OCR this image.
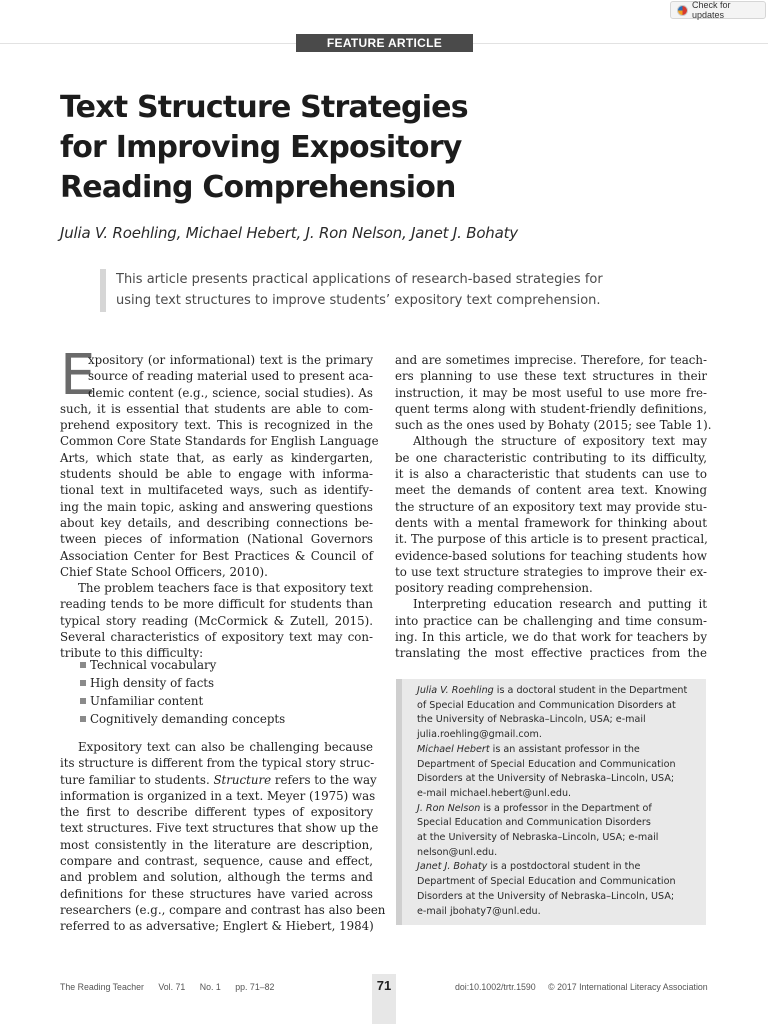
Check for updates
FEATURE ARTICLE
Text Structure Strategies
for Improving Expository
Reading Comprehension

Julia V. Roehling, Michael Hebert, J. Ron Nelson, Janet J. Bohaty

This article presents practical applications of research-based strategies for
using text structures to improve students’ expository text comprehension.

E
xpository (or informational) text is the primary
source of reading material used to present aca-
demic content (e.g., science, social studies). As
such, it is essential that students are able to com-
prehend expository text. This is recognized in the
Common Core State Standards for English Language
Arts, which state that, as early as kindergarten,
students should be able to engage with informa-
tional text in multifaceted ways, such as identify-
ing the main topic, asking and answering questions
about key details, and describing connections be-
tween pieces of information (National Governors
Association Center for Best Practices & Council of
Chief State School Officers, 2010).
The problem teachers face is that expository text
reading tends to be more difficult for students than
typical story reading (McCormick & Zutell, 2015).
Several characteristics of expository text may con-
tribute to this difficulty:
Technical vocabulary
High density of facts
Unfamiliar content
Cognitively demanding concepts
Expository text can also be challenging because
its structure is different from the typical story struc-
ture familiar to students. Structure refers to the way
information is organized in a text. Meyer (1975) was
the first to describe different types of expository
text structures. Five text structures that show up the
most consistently in the literature are description,
compare and contrast, sequence, cause and effect,
and problem and solution, although the terms and
definitions for these structures have varied across
researchers (e.g., compare and contrast has also been
referred to as adversative; Englert & Hiebert, 1984)
and are sometimes imprecise. Therefore, for teach-
ers planning to use these text structures in their
instruction, it may be most useful to use more fre-
quent terms along with student-friendly definitions,
such as the ones used by Bohaty (2015; see Table 1).
Although the structure of expository text may
be one characteristic contributing to its difficulty,
it is also a characteristic that students can use to
meet the demands of content area text. Knowing
the structure of an expository text may provide stu-
dents with a mental framework for thinking about
it. The purpose of this article is to present practical,
evidence-based solutions for teaching students how
to use text structure strategies to improve their ex-
pository reading comprehension.
Interpreting education research and putting it
into practice can be challenging and time consum-
ing. In this article, we do that work for teachers by
translating the most effective practices from the
Julia V. Roehling is a doctoral student in the Department
of Special Education and Communication Disorders at
the University of Nebraska–Lincoln, USA; e-mail
julia.roehling@gmail.com.
Michael Hebert is an assistant professor in the
Department of Special Education and Communication
Disorders at the University of Nebraska–Lincoln, USA;
e-mail michael.hebert@unl.edu.
J. Ron Nelson is a professor in the Department of
Special Education and Communication Disorders
at the University of Nebraska–Lincoln, USA; e-mail
nelson@unl.edu.
Janet J. Bohaty is a postdoctoral student in the
Department of Special Education and Communication
Disorders at the University of Nebraska–Lincoln, USA;
e-mail jbohaty7@unl.edu.
The Reading Teacher Vol. 71 No. 1 pp. 71–82	71	doi:10.1002/trtr.1590 © 2017 International Literacy Association
